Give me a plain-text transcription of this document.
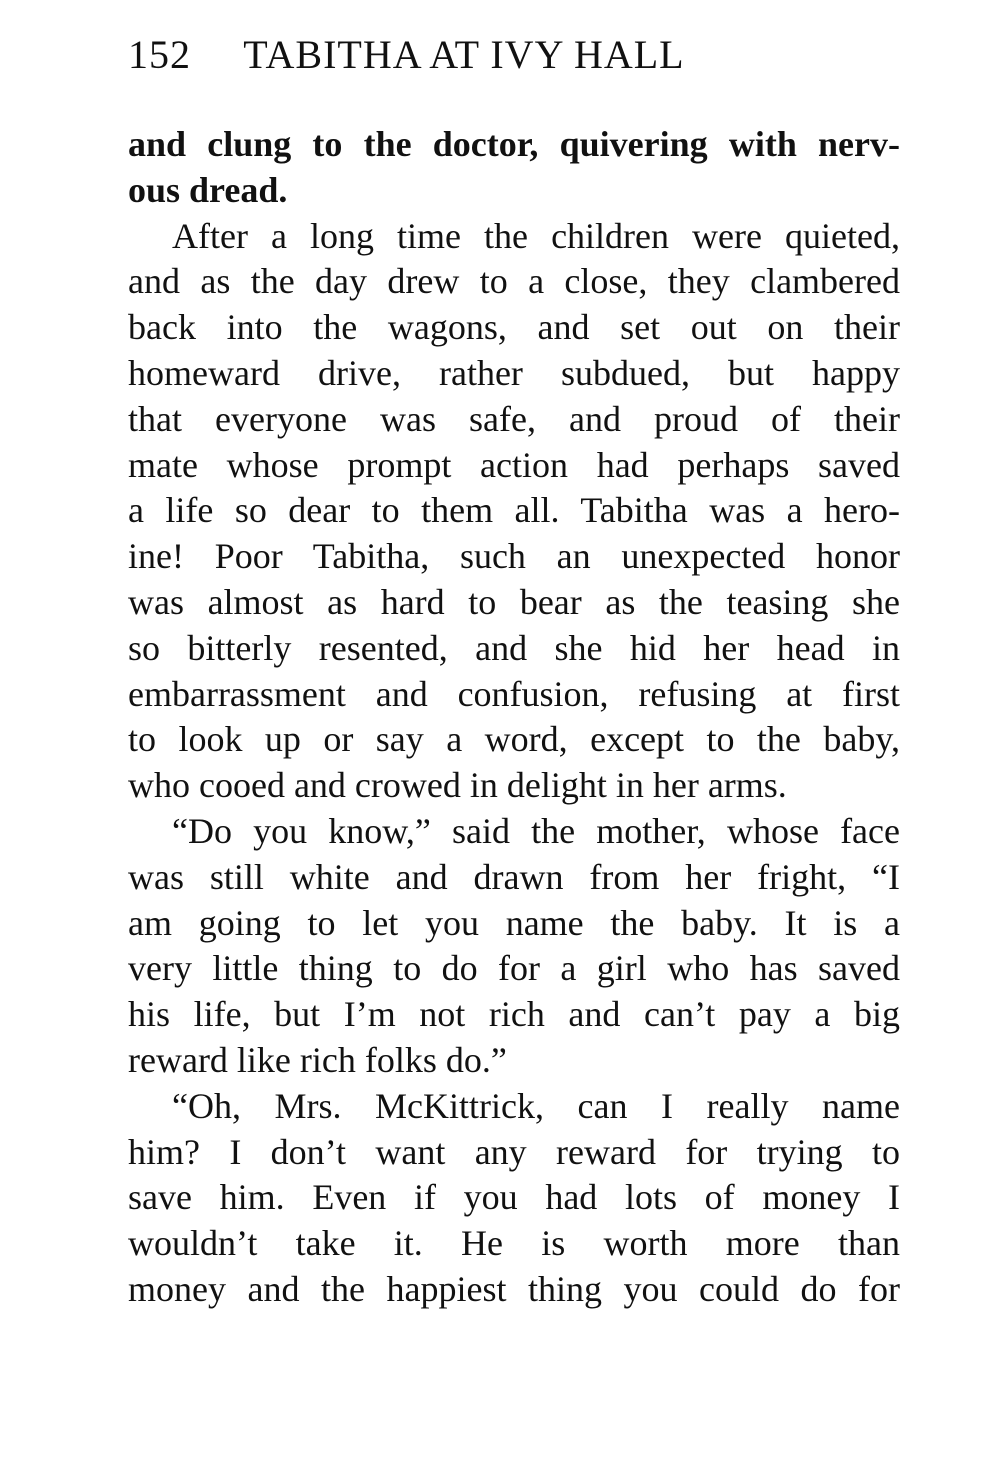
152 TABITHA AT IVY HALL
and clung to the doctor, quivering with nerv-
ous dread.
After a long time the children were quieted,
and as the day drew to a close, they clambered
back into the wagons, and set out on their
homeward drive, rather subdued, but happy
that everyone was safe, and proud of their
mate whose prompt action had perhaps saved
a life so dear to them all. Tabitha was a hero-
ine! Poor Tabitha, such an unexpected honor
was almost as hard to bear as the teasing she
so bitterly resented, and she hid her head in
embarrassment and confusion, refusing at first
to look up or say a word, except to the baby,
who cooed and crowed in delight in her arms.
“Do you know,” said the mother, whose face
was still white and drawn from her fright, “I
am going to let you name the baby. It is a
very little thing to do for a girl who has saved
his life, but I’m not rich and can’t pay a big
reward like rich folks do.”
“Oh, Mrs. McKittrick, can I really name
him? I don’t want any reward for trying to
save him. Even if you had lots of money I
wouldn’t take it. He is worth more than
money and the happiest thing you could do for
